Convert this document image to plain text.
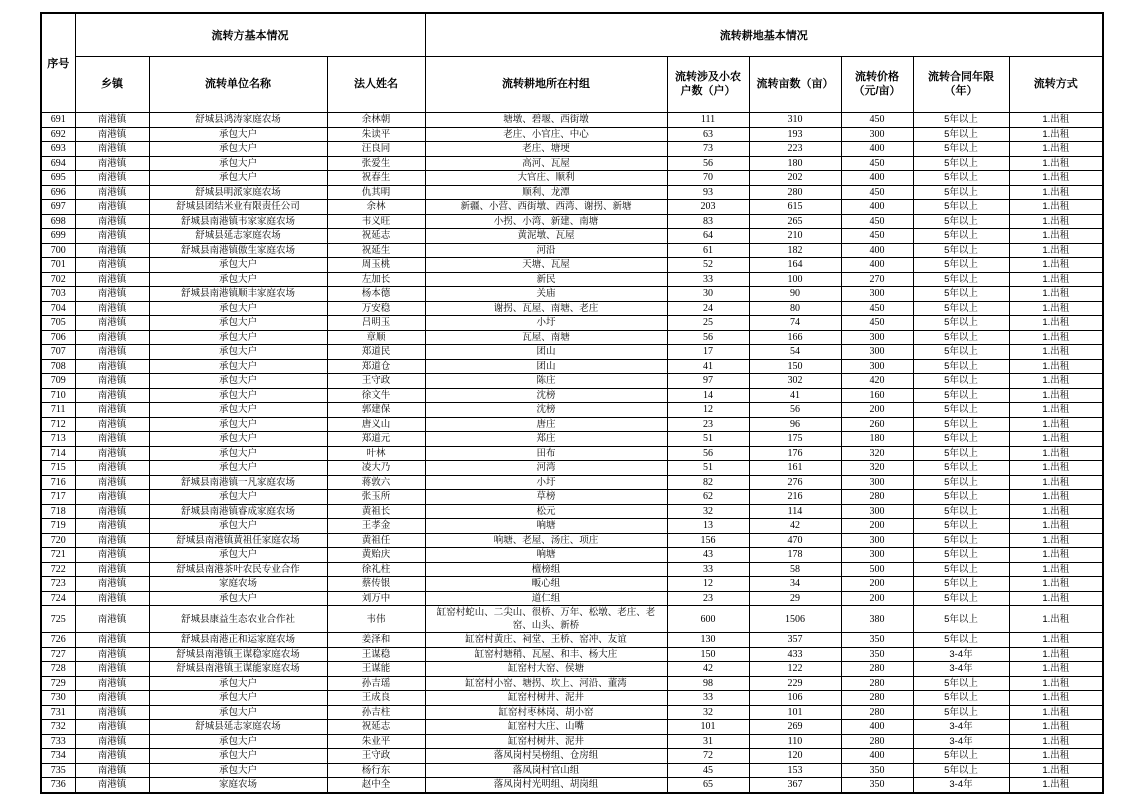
序号	流转方基本情况			流转耕地基本情况					
	乡镇	流转单位名称	法人姓名	流转耕地所在村组	流转涉及小农户数（户）	流转亩数（亩）	流转价格（元/亩）	流转合同年限（年）	流转方式
691	南港镇	舒城县鸿涛家庭农场	余林朝	塘墩、碧堰、西街墩	111	310	450	5年以上	1.出租
692	南港镇	承包大户	朱读平	老庄、小官庄、中心	63	193	300	5年以上	1.出租
693	南港镇	承包大户	汪良同	老庄、塘埂	73	223	400	5年以上	1.出租
694	南港镇	承包大户	张爱生	高河、瓦屋	56	180	450	5年以上	1.出租
695	南港镇	承包大户	祝春生	大官庄、顺利	70	202	400	5年以上	1.出租
696	南港镇	舒城县明派家庭农场	仇其明	顺利、龙潭	93	280	450	5年以上	1.出租
697	南港镇	舒城县团结米业有限责任公司	余林	新疆、小营、西街墩、西湾、谢拐、新塘	203	615	400	5年以上	1.出租
698	南港镇	舒城县南港镇韦家家庭农场	韦义旺	小拐、小湾、新建、南塘	83	265	450	5年以上	1.出租
699	南港镇	舒城县延志家庭农场	祝延志	黄泥墩、瓦屋	64	210	450	5年以上	1.出租
700	南港镇	舒城县南港镇傲生家庭农场	祝延生	河沿	61	182	400	5年以上	1.出租
701	南港镇	承包大户	周玉桃	天塘、瓦屋	52	164	400	5年以上	1.出租
702	南港镇	承包大户	左加长	新民	33	100	270	5年以上	1.出租
703	南港镇	舒城县南港镇顺丰家庭农场	杨本德	关庙	30	90	300	5年以上	1.出租
704	南港镇	承包大户	万安稳	谢拐、瓦屋、南塘、老庄	24	80	450	5年以上	1.出租
705	南港镇	承包大户	吕明玉	小圩	25	74	450	5年以上	1.出租
706	南港镇	承包大户	章顺	瓦屋、南塘	56	166	300	5年以上	1.出租
707	南港镇	承包大户	郑道民	团山	17	54	300	5年以上	1.出租
708	南港镇	承包大户	郑道仓	团山	41	150	300	5年以上	1.出租
709	南港镇	承包大户	王守政	陈庄	97	302	420	5年以上	1.出租
710	南港镇	承包大户	徐文牛	沈榜	14	41	160	5年以上	1.出租
711	南港镇	承包大户	郭建保	沈榜	12	56	200	5年以上	1.出租
712	南港镇	承包大户	唐义山	唐庄	23	96	260	5年以上	1.出租
713	南港镇	承包大户	郑道元	郑庄	51	175	180	5年以上	1.出租
714	南港镇	承包大户	叶林	田布	56	176	320	5年以上	1.出租
715	南港镇	承包大户	凌大乃	河湾	51	161	320	5年以上	1.出租
716	南港镇	舒城县南港镇一凡家庭农场	蒋敦六	小圩	82	276	300	5年以上	1.出租
717	南港镇	承包大户	张玉所	草榜	62	216	280	5年以上	1.出租
718	南港镇	舒城县南港镇睿成家庭农场	黄祖长	松元	32	114	300	5年以上	1.出租
719	南港镇	承包大户	王孝金	响塘	13	42	200	5年以上	1.出租
720	南港镇	舒城县南港镇黄祖任家庭农场	黄祖任	响塘、老屋、汤庄、项庄	156	470	300	5年以上	1.出租
721	南港镇	承包大户	黄贻庆	响塘	43	178	300	5年以上	1.出租
722	南港镇	舒城县南港茶叶农民专业合作	徐礼柱	檀榜组	33	58	500	5年以上	1.出租
723	南港镇	家庭农场	蔡传银	畈心组	12	34	200	5年以上	1.出租
724	南港镇	承包大户	刘万中	道仁组	23	29	200	5年以上	1.出租
725	南港镇	舒城县康益生态农业合作社	韦伟	缸窑村蛇山、二尖山、很桥、万年、松墩、老庄、老窑、山头、新桥	600	1506	380	5年以上	1.出租
726	南港镇	舒城县南港正和运家庭农场	姜泽和	缸窑村黄庄、祠堂、王桥、窑冲、友谊	130	357	350	5年以上	1.出租
727	南港镇	舒城县南港镇王谋稳家庭农场	王谋稳	缸窑村塘稍、瓦屋、和丰、杨大庄	150	433	350	3-4年	1.出租
728	南港镇	舒城县南港镇王谋能家庭农场	王谋能	缸窑村大窑、侯塘	42	122	280	3-4年	1.出租
729	南港镇	承包大户	孙吉瑶	缸窑村小窑、塘拐、坎上、河沿、董湾	98	229	280	5年以上	1.出租
730	南港镇	承包大户	王成良	缸窑村树井、泥井	33	106	280	5年以上	1.出租
731	南港镇	承包大户	孙吉柱	缸窑村枣林岗、胡小窑	32	101	280	5年以上	1.出租
732	南港镇	舒城县延志家庭农场	祝延志	缸窑村大庄、山嘴	101	269	400	3-4年	1.出租
733	南港镇	承包大户	朱业平	缸窑村树井、泥井	31	110	280	3-4年	1.出租
734	南港镇	承包大户	王守政	落凤岗村吴榜组、仓房组	72	120	400	5年以上	1.出租
735	南港镇	承包大户	杨行东	落凤岗村官山组	45	153	350	5年以上	1.出租
736	南港镇	家庭农场	赵中全	落凤岗村光明组、胡岗组	65	367	350	3-4年	1.出租
